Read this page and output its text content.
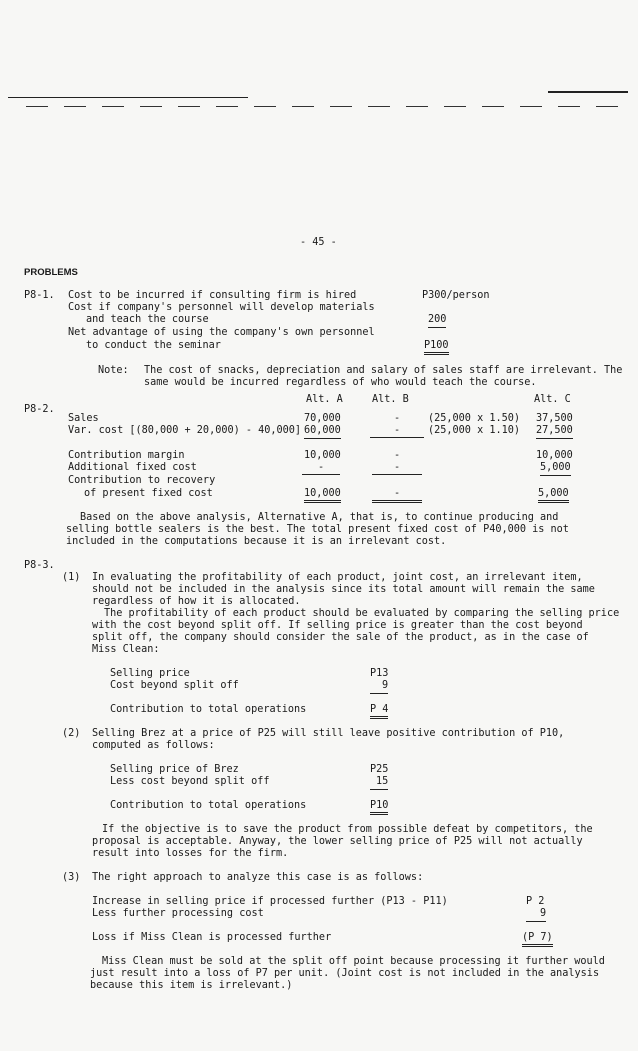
- 45 -
PROBLEMS
P8-1. Cost to be incurred if consulting firm is hired	P300/person
Cost if company's personnel will develop materials
and teach the course	200
Net advantage of using the company's own personnel
to conduct the seminar	P100
Note: The cost of snacks, depreciation and salary of sales staff are irrelevant. The
same would be incurred regardless of who would teach the course.
P8-2.
Alt. A	Alt. B	Alt. C
Sales	70,000	-	(25,000 x 1.50) 37,500
Var. cost [(80,000 + 20,000) - 40,000] 60,000	-	(25,000 x 1.10) 27,500
Contribution margin	10,000	-	10,000
Additional fixed cost	-	-	5,000
Contribution to recovery
of present fixed cost	10,000	-	5,000
Based on the above analysis, Alternative A, that is, to continue producing and
selling bottle sealers is the best. The total present fixed cost of P40,000 is not
included in the computations because it is an irrelevant cost.
P8-3.
(1) In evaluating the profitability of each product, joint cost, an irrelevant item,
should not be included in the analysis since its total amount will remain the same
regardless of how it is allocated.
The profitability of each product should be evaluated by comparing the selling price
with the cost beyond split off. If selling price is greater than the cost beyond
split off, the company should consider the sale of the product, as in the case of
Miss Clean:
Selling price	P13
Cost beyond split off	9
Contribution to total operations	P 4
(2) Selling Brez at a price of P25 will still leave positive contribution of P10,
computed as follows:
Selling price of Brez	P25
Less cost beyond split off	15
Contribution to total operations	P10
If the objective is to save the product from possible defeat by competitors, the
proposal is acceptable. Anyway, the lower selling price of P25 will not actually
result into losses for the firm.
(3) The right approach to analyze this case is as follows:
Increase in selling price if processed further (P13 - P11)	P 2
Less further processing cost	9
Loss if Miss Clean is processed further	(P 7)
Miss Clean must be sold at the split off point because processing it further would
just result into a loss of P7 per unit. (Joint cost is not included in the analysis
because this item is irrelevant.)
